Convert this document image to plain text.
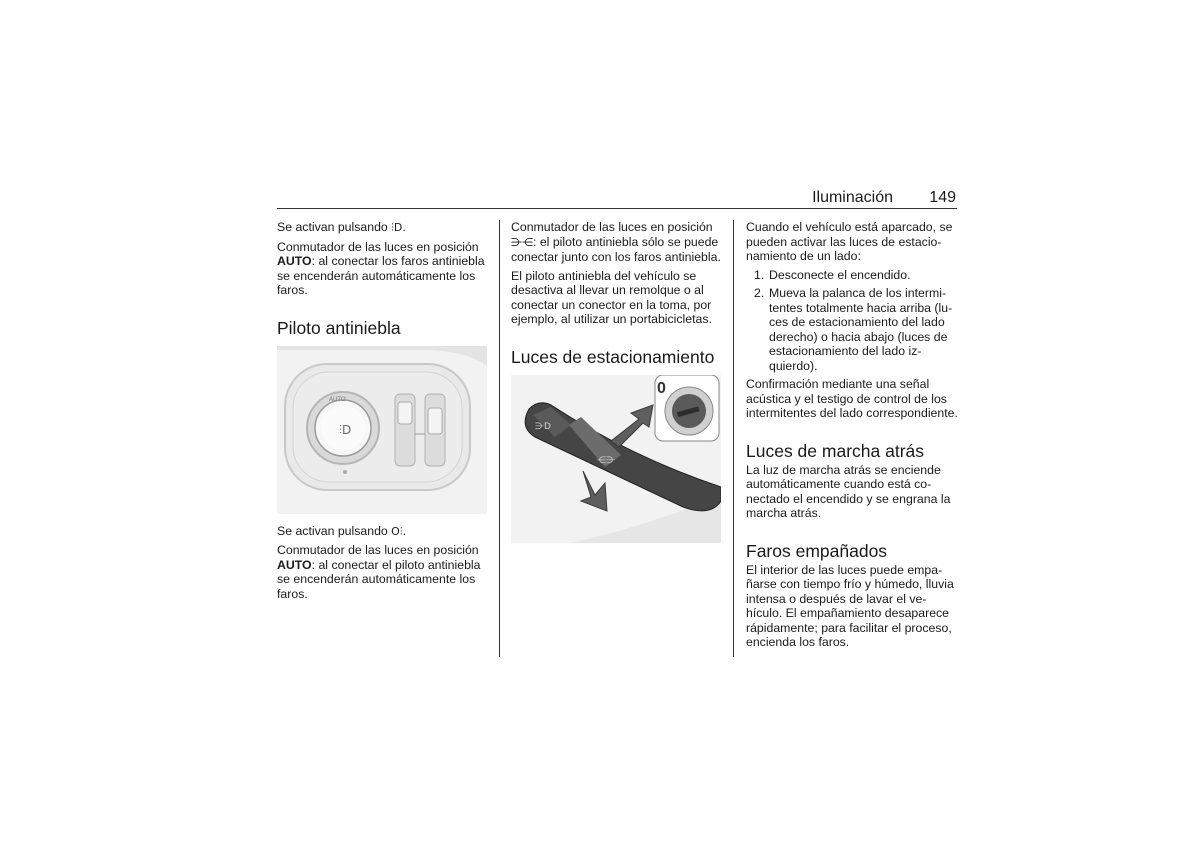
Iluminación 149

Se activan pulsando ⫶D.

Conmutador de las luces en posición AUTO: al conectar los faros antiniebla se encenderán automáticamente los faros.

Piloto antiniebla
AUTO
⫶D

Se activan pulsando O⫶.

Conmutador de las luces en posición AUTO: al conectar el piloto antiniebla se encenderán automáticamente los faros.

Conmutador de las luces en posición ⋺⋲: el piloto antiniebla sólo se puede conectar junto con los faros antiniebla.

El piloto antiniebla del vehículo se desactiva al llevar un remolque o al conectar un conector en la toma, por ejemplo, al utilizar un portabicicletas.

Luces de estacionamiento
⋺D
⋲⋺
0

Cuando el vehículo está aparcado, se pueden activar las luces de estacionamiento de un lado:

1. Desconecte el encendido.
2. Mueva la palanca de los intermitentes totalmente hacia arriba (luces de estacionamiento del lado derecho) o hacia abajo (luces de estacionamiento del lado izquierdo).

Confirmación mediante una señal acústica y el testigo de control de los intermitentes del lado correspondiente.

Luces de marcha atrás

La luz de marcha atrás se enciende automáticamente cuando está conectado el encendido y se engrana la marcha atrás.

Faros empañados

El interior de las luces puede empañarse con tiempo frío y húmedo, lluvia intensa o después de lavar el vehículo. El empañamiento desaparece rápidamente; para facilitar el proceso, encienda los faros.
